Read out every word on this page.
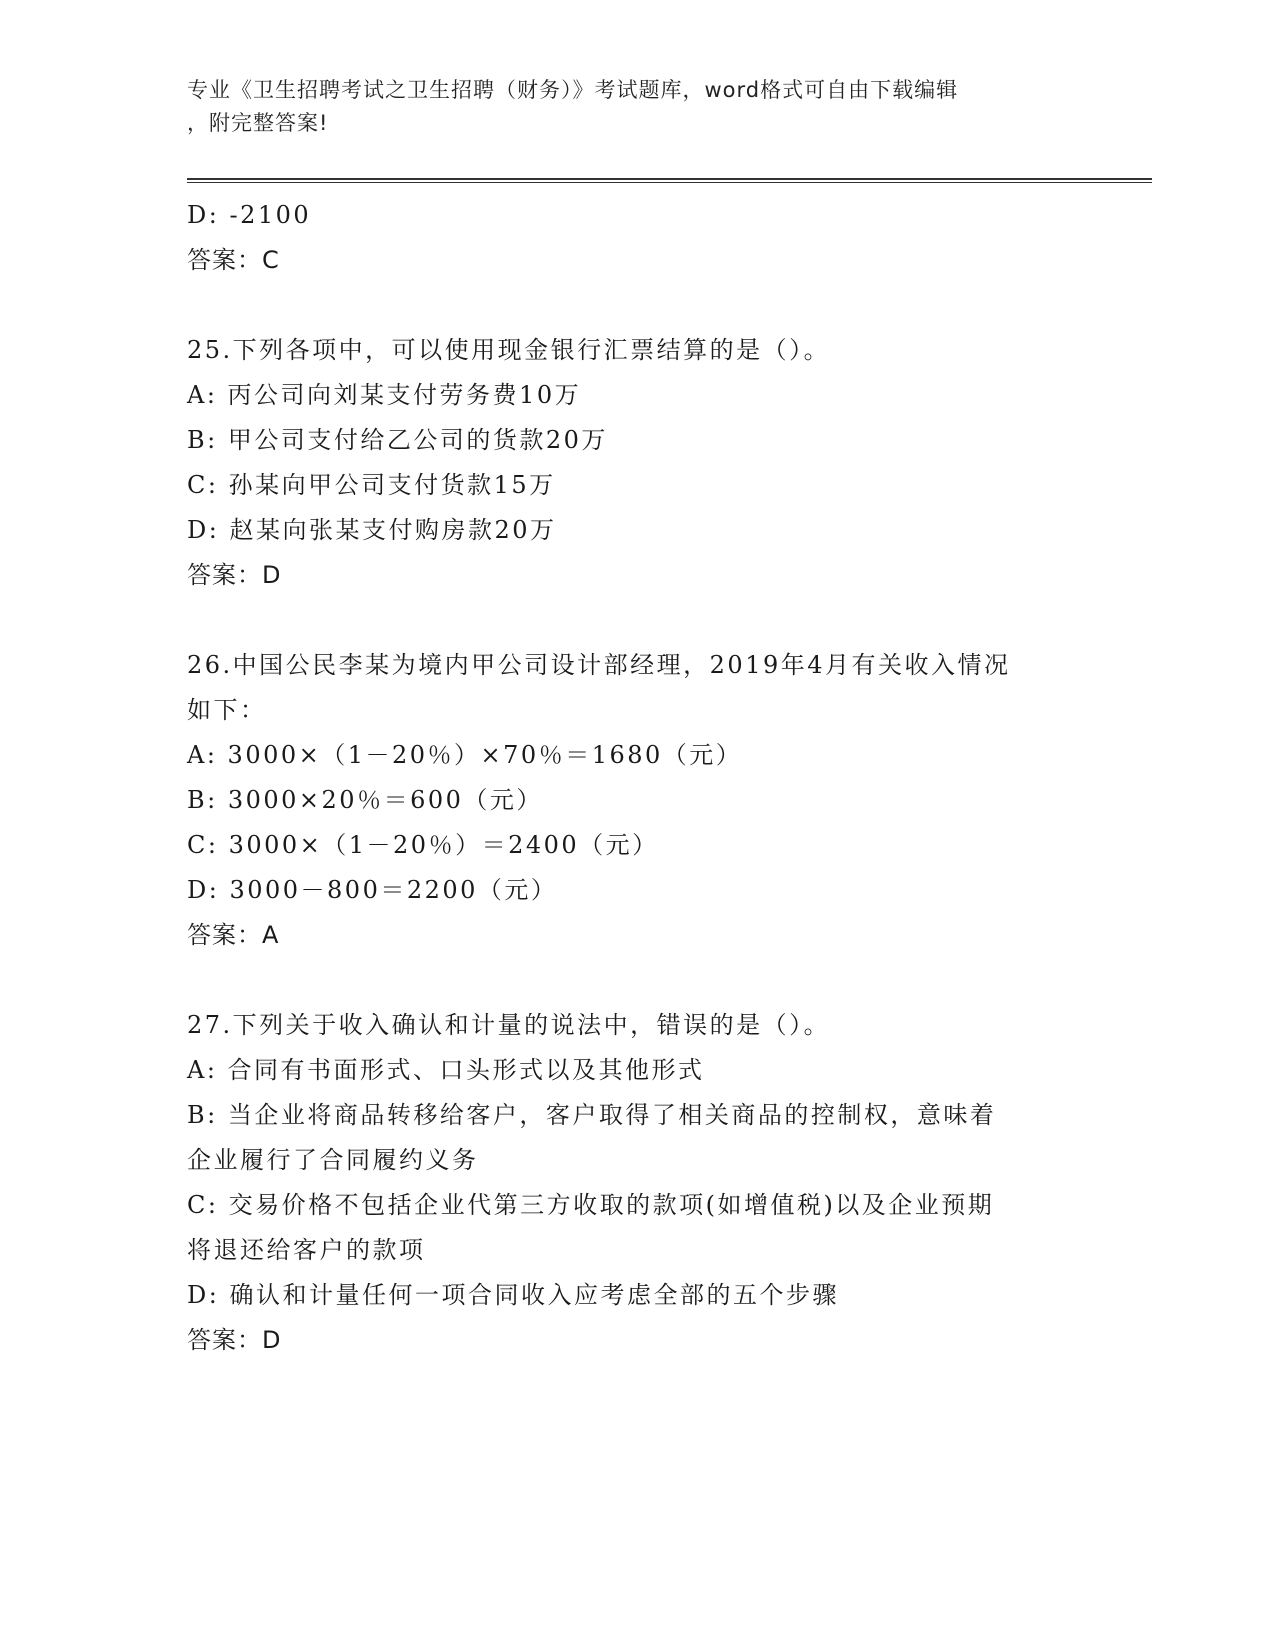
专业《卫生招聘考试之卫生招聘（财务）》考试题库，word格式可自由下载编辑
，附完整答案!
D: -2100
答案：C
25.下列各项中，可以使用现金银行汇票结算的是（）。
A: 丙公司向刘某支付劳务费10万
B: 甲公司支付给乙公司的货款20万
C: 孙某向甲公司支付货款15万
D: 赵某向张某支付购房款20万
答案：D
26.中国公民李某为境内甲公司设计部经理，2019年4月有关收入情况
如下：
A: 3000×（1－20％）×70％＝1680（元）
B: 3000×20％＝600（元）
C: 3000×（1－20％）＝2400（元）
D: 3000－800＝2200（元）
答案：A
27.下列关于收入确认和计量的说法中，错误的是（）。
A: 合同有书面形式、口头形式以及其他形式
B: 当企业将商品转移给客户，客户取得了相关商品的控制权，意味着
企业履行了合同履约义务
C: 交易价格不包括企业代第三方收取的款项(如增值税)以及企业预期
将退还给客户的款项
D: 确认和计量任何一项合同收入应考虑全部的五个步骤
答案：D
